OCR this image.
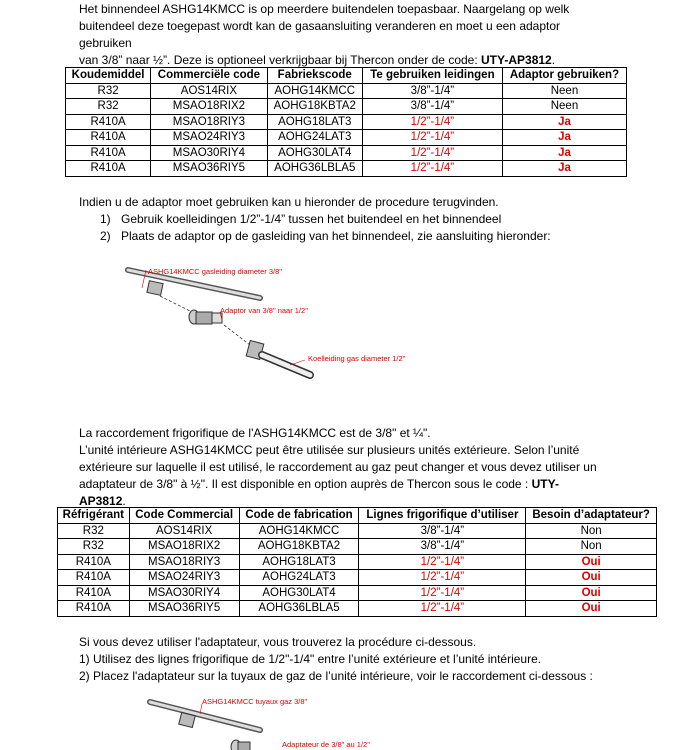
Het binnendeel ASHG14KMCC is op meerdere buitendelen toepasbaar. Naargelang op welk
buitendeel deze toegepast wordt kan de gasaansluiting veranderen en moet u een adaptor gebruiken
van 3/8” naar ½”. Deze is optioneel verkrijgbaar bij Thercon onder de code: UTY-AP3812.
Koudemiddel	Commerciële code	Fabriekscode	Te gebruiken leidingen	Adaptor gebruiken?
R32	AOS14RIX	AOHG14KMCC	3/8”-1/4”	Neen
R32	MSAO18RIX2	AOHG18KBTA2	3/8”-1/4”	Neen
R410A	MSAO18RIY3	AOHG18LAT3	1/2”-1/4”	Ja
R410A	MSAO24RIY3	AOHG24LAT3	1/2”-1/4”	Ja
R410A	MSAO30RIY4	AOHG30LAT4	1/2”-1/4”	Ja
R410A	MSAO36RIY5	AOHG36LBLA5	1/2”-1/4”	Ja
Indien u de adaptor moet gebruiken kan u hieronder de procedure terugvinden.
1) Gebruik koelleidingen 1/2”-1/4” tussen het buitendeel en het binnendeel
2) Plaats de adaptor op de gasleiding van het binnendeel, zie aansluiting hieronder:
ASHG14KMCC gasleiding diameter 3/8"
Adaptor van 3/8" naar 1/2"
Koelleiding gas diameter 1/2"
La raccordement frigorifique de l'ASHG14KMCC est de 3/8" et ¼".
L’unité intérieure ASHG14KMCC peut être utilisée sur plusieurs unités extérieure. Selon l’unité
extérieure sur laquelle il est utilisé, le raccordement au gaz peut changer et vous devez utiliser un
adaptateur de 3/8" à ½". Il est disponible en option auprès de Thercon sous le code : UTY-AP3812.
Réfrigérant	Code Commercial	Code de fabrication	Lignes frigorifique d’utiliser	Besoin d’adaptateur?
R32	AOS14RIX	AOHG14KMCC	3/8”-1/4”	Non
R32	MSAO18RIX2	AOHG18KBTA2	3/8”-1/4”	Non
R410A	MSAO18RIY3	AOHG18LAT3	1/2”-1/4”	Oui
R410A	MSAO24RIY3	AOHG24LAT3	1/2”-1/4”	Oui
R410A	MSAO30RIY4	AOHG30LAT4	1/2”-1/4”	Oui
R410A	MSAO36RIY5	AOHG36LBLA5	1/2”-1/4”	Oui
Si vous devez utiliser l'adaptateur, vous trouverez la procédure ci-dessous.
1) Utilisez des lignes frigorifique de 1/2"-1/4" entre l’unité extérieure et l’unité intérieure.
2) Placez l'adaptateur sur la tuyaux de gaz de l’unité intérieure, voir le raccordement ci-dessous :
ASHG14KMCC tuyaux gaz 3/8"
Adaptateur de 3/8" au 1/2"
